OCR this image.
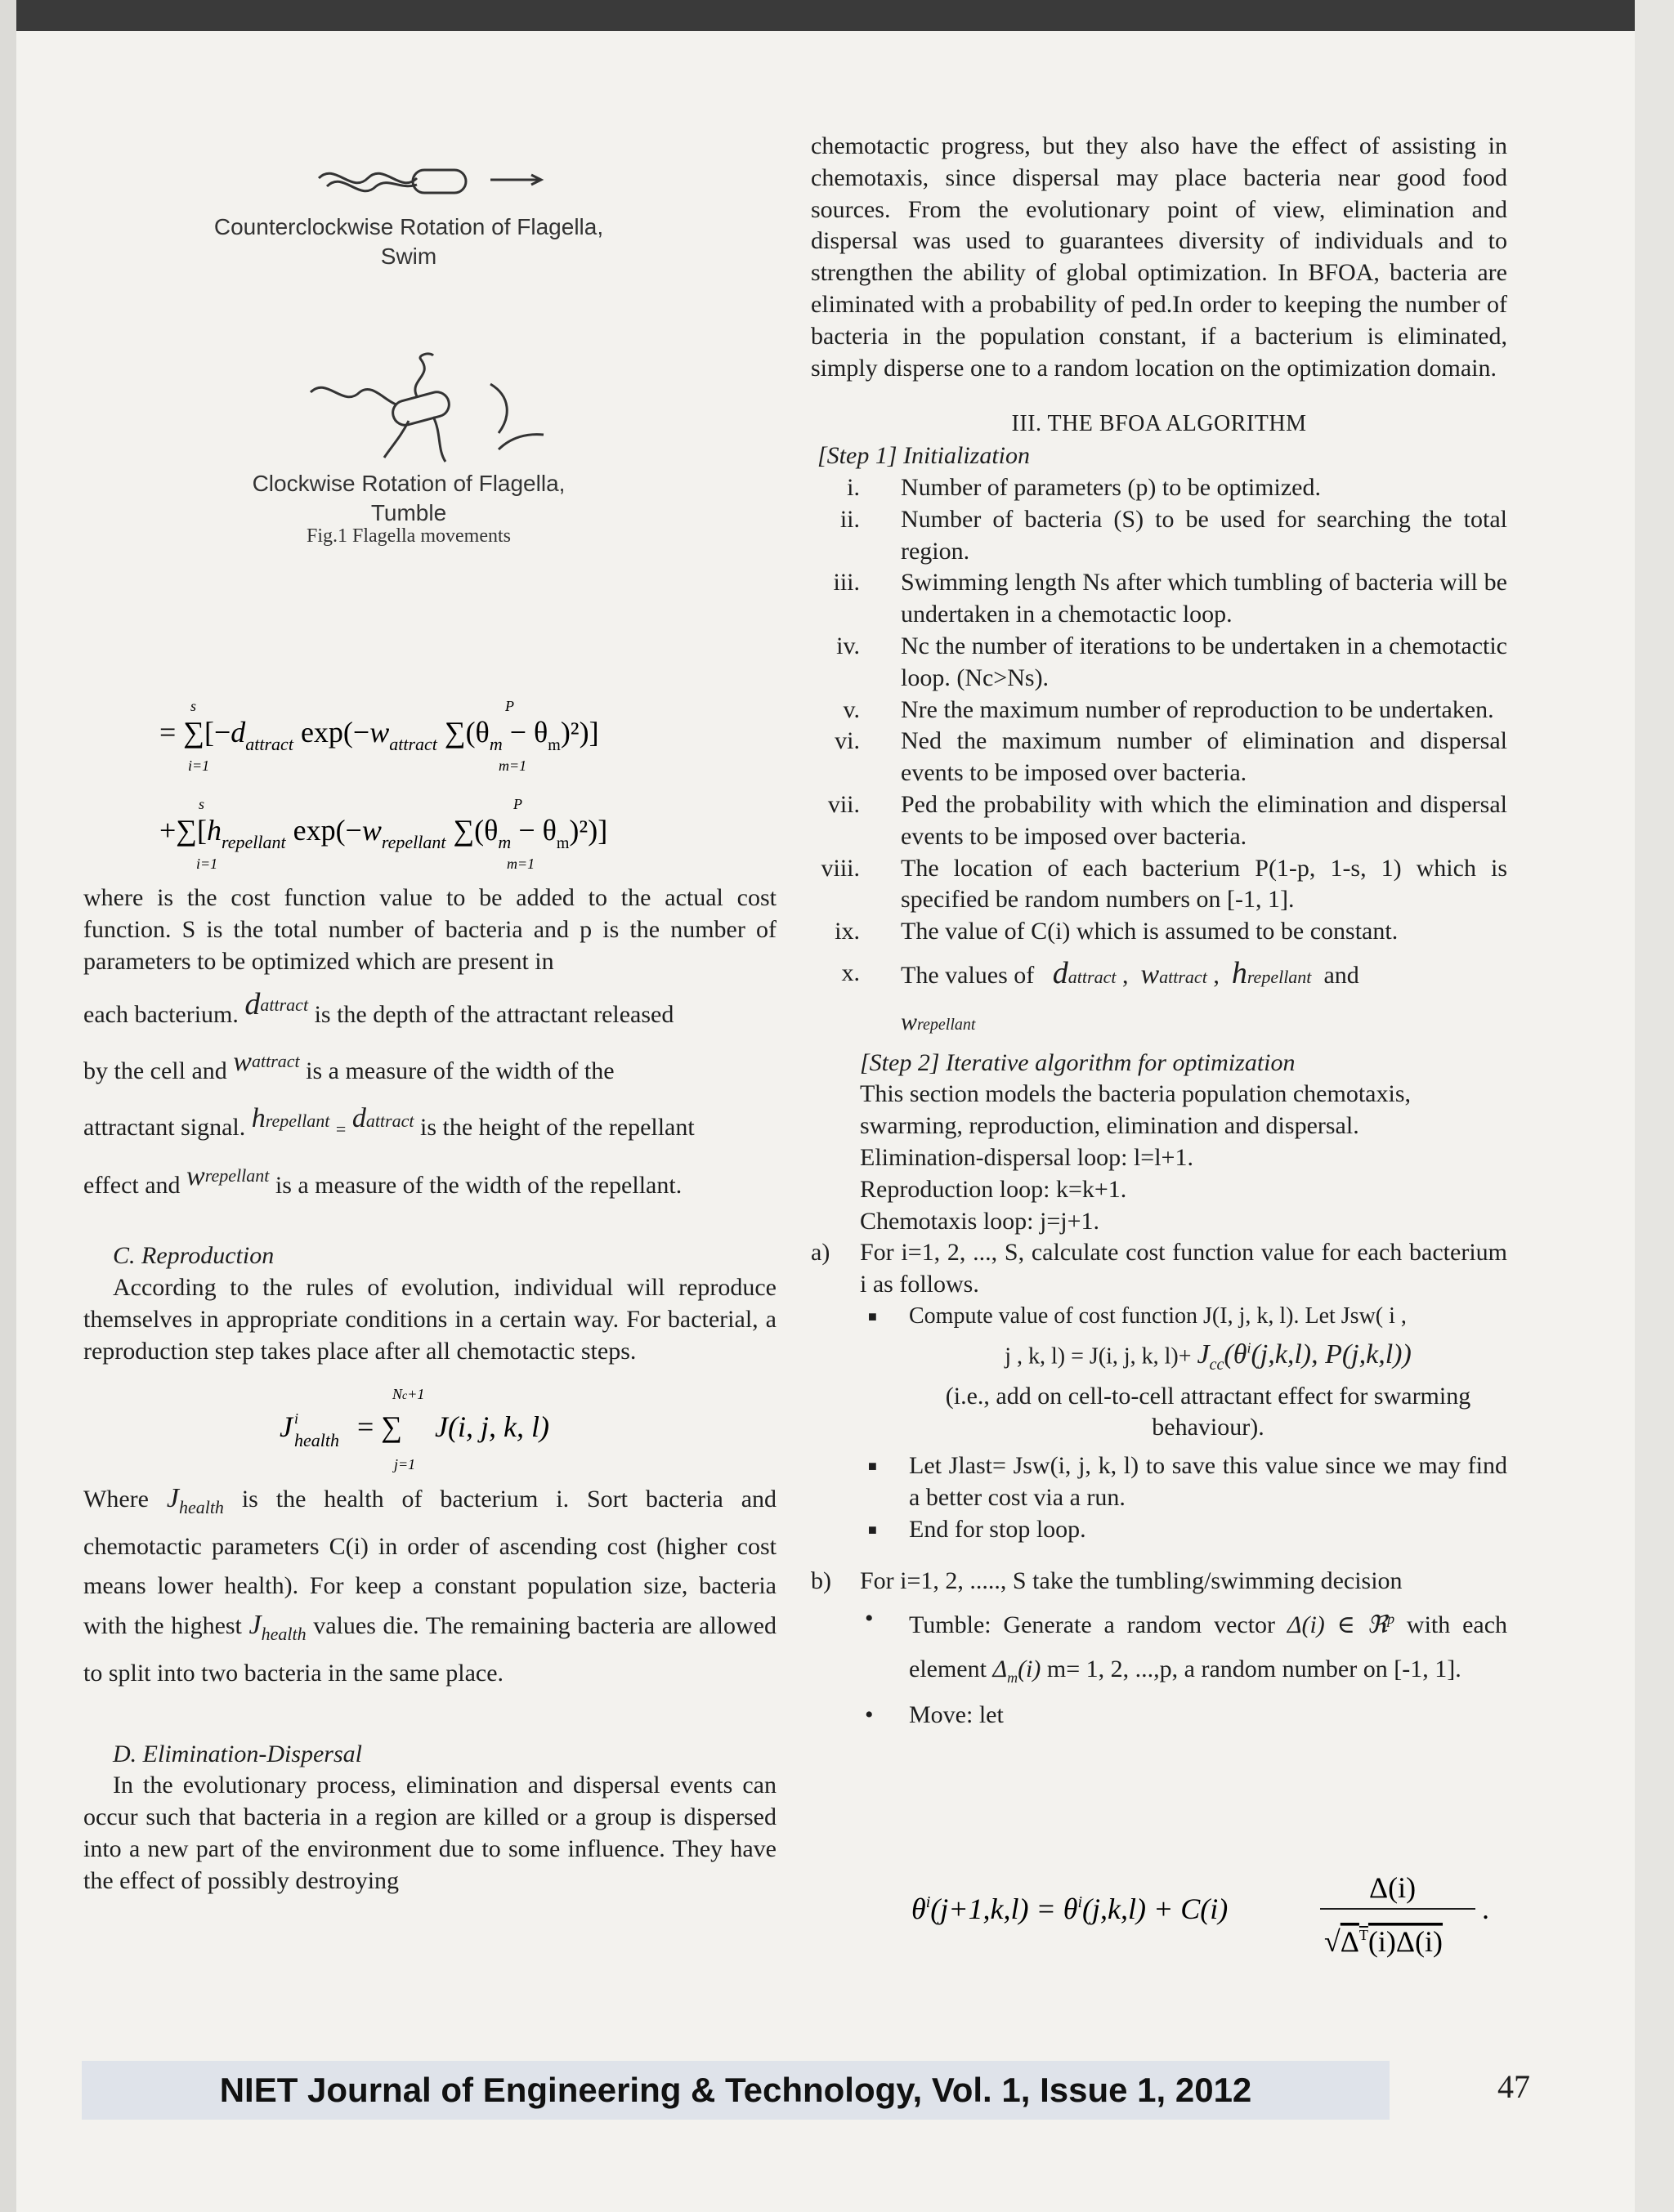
Counterclockwise Rotation of Flagella,
Swim
Clockwise Rotation of Flagella,
Tumble
Fig.1 Flagella movements
= $\sum[-d_{attract}$ $\exp(-w_{attract}$ $\sum(\theta_m - \theta_m)^2$)]
s
i=1
P
m=1
$+\sum[h_{repellant}$ $\exp(-w_{repellant}$ $\sum(\theta_m - \theta_m)^2$)]
s
i=1
P
m=1

where is the cost function value to be added to the actual cost function. S is the total number of bacteria and p is the number of parameters to be optimized which are present in

each bacterium. $d^{attract}$ is the depth of the attractant released

by the cell and $w^{attract}$ is a measure of the width of the

attractant signal. $h^{repellant} = d^{attract}$ is the height of the repellant

effect and $w^{repellant}$ is a measure of the width of the repellant.

C. Reproduction

According to the rules of evolution, individual will reproduce themselves in appropriate conditions in a certain way. For bacterial, a reproduction step takes place after all chemotactic steps.

J i
health = ∑
Nc+1
j=1
J(i, j, k, l)

Where $J_{health}$ is the health of bacterium i. Sort bacteria and chemotactic parameters C(i) in order of ascending cost (higher cost means lower health). For keep a constant population size, bacteria with the highest $J_{health}$ values die. The remaining bacteria are allowed to split into two bacteria in the same place.

D. Elimination-Dispersal

In the evolutionary process, elimination and dispersal events can occur such that bacteria in a region are killed or a group is dispersed into a new part of the environment due to some influence. They have the effect of possibly destroying

chemotactic progress, but they also have the effect of assisting in chemotaxis, since dispersal may place bacteria near good food sources. From the evolutionary point of view, elimination and dispersal was used to guarantees diversity of individuals and to strengthen the ability of global optimization. In BFOA, bacteria are eliminated with a probability of ped.In order to keeping the number of bacteria in the population constant, if a bacterium is eliminated, simply disperse one to a random location on the optimization domain.

III. THE BFOA ALGORITHM

[Step 1] Initialization

i. Number of parameters (p) to be optimized.
ii. Number of bacteria (S) to be used for searching the total region.
iii. Swimming length Ns after which tumbling of bacteria will be undertaken in a chemotactic loop.
iv. Nc the number of iterations to be undertaken in a chemotactic loop. (Nc>Ns).
v. Nre the maximum number of reproduction to be undertaken.
vi. Ned the maximum number of elimination and dispersal events to be imposed over bacteria.
vii. Ped the probability with which the elimination and dispersal events to be imposed over bacteria.
viii. The location of each bacterium P(1-p, 1-s, 1) which is specified be random numbers on [-1, 1].
ix. The value of C(i) which is assumed to be constant.
x. The values of dattract ,  wattract ,  hrepellant and

wrepellant

[Step 2] Iterative algorithm for optimization

This section models the bacteria population chemotaxis, swarming, reproduction, elimination and dispersal.

Elimination-dispersal loop: l=l+1.

Reproduction loop: k=k+1.

Chemotaxis loop: j=j+1.

a) For i=1, 2, ..., S, calculate cost function value for each bacterium i as follows.
■ Compute value of cost function J(I, j, k, l). Let Jsw( i ,
j , k, l) = J(i, j, k, $l)+ J_{cc}(\theta^i(j,k,l)$, P(j,k,l))
(i.e., add on cell-to-cell attractant effect for swarming behaviour).
■ Let Jlast= Jsw(i, j, k, l) to save this value since we may find a better cost via a run.
■ End for stop loop.
b) For i=1, 2, ....., S take the tumbling/swimming decision
• Tumble: Generate a random vector Δ(i) ∈ ℜ$^p$ with each element $\Delta_m(i)$ m= 1, 2, ...,p, a random number on [-1, 1].
• Move: let
$\theta^i(j+1,k,l) = \theta^i(j,k,l) + C(i)$
Δ(i)
$√\Delta^T(i)\Delta(i)$
.
NIET Journal of Engineering & Technology, Vol. 1, Issue 1, 2012	47
